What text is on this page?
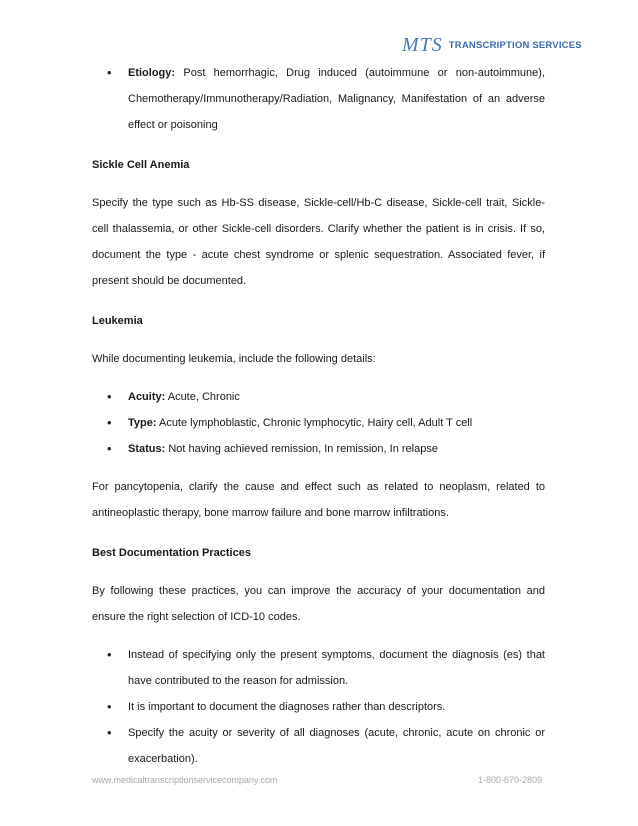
MTS TRANSCRIPTION SERVICES
• Etiology: Post hemorrhagic, Drug induced (autoimmune or non-autoimmune), Chemotherapy/Immunotherapy/Radiation, Malignancy, Manifestation of an adverse effect or poisoning

Sickle Cell Anemia

Specify the type such as Hb-SS disease, Sickle-cell/Hb-C disease, Sickle-cell trait, Sickle-cell thalassemia, or other Sickle-cell disorders. Clarify whether the patient is in crisis. If so, document the type - acute chest syndrome or splenic sequestration. Associated fever, if present should be documented.

Leukemia

While documenting leukemia, include the following details:

• Acuity: Acute, Chronic
• Type: Acute lymphoblastic, Chronic lymphocytic, Hairy cell, Adult T cell
• Status: Not having achieved remission, In remission, In relapse

For pancytopenia, clarify the cause and effect such as related to neoplasm, related to antineoplastic therapy, bone marrow failure and bone marrow infiltrations.

Best Documentation Practices

By following these practices, you can improve the accuracy of your documentation and ensure the right selection of ICD-10 codes.

• Instead of specifying only the present symptoms, document the diagnosis (es) that have contributed to the reason for admission.
• It is important to document the diagnoses rather than descriptors.
• Specify the acuity or severity of all diagnoses (acute, chronic, acute on chronic or exacerbation).
www.medicaltranscriptionservicecompany.com	1-800-670-2809
